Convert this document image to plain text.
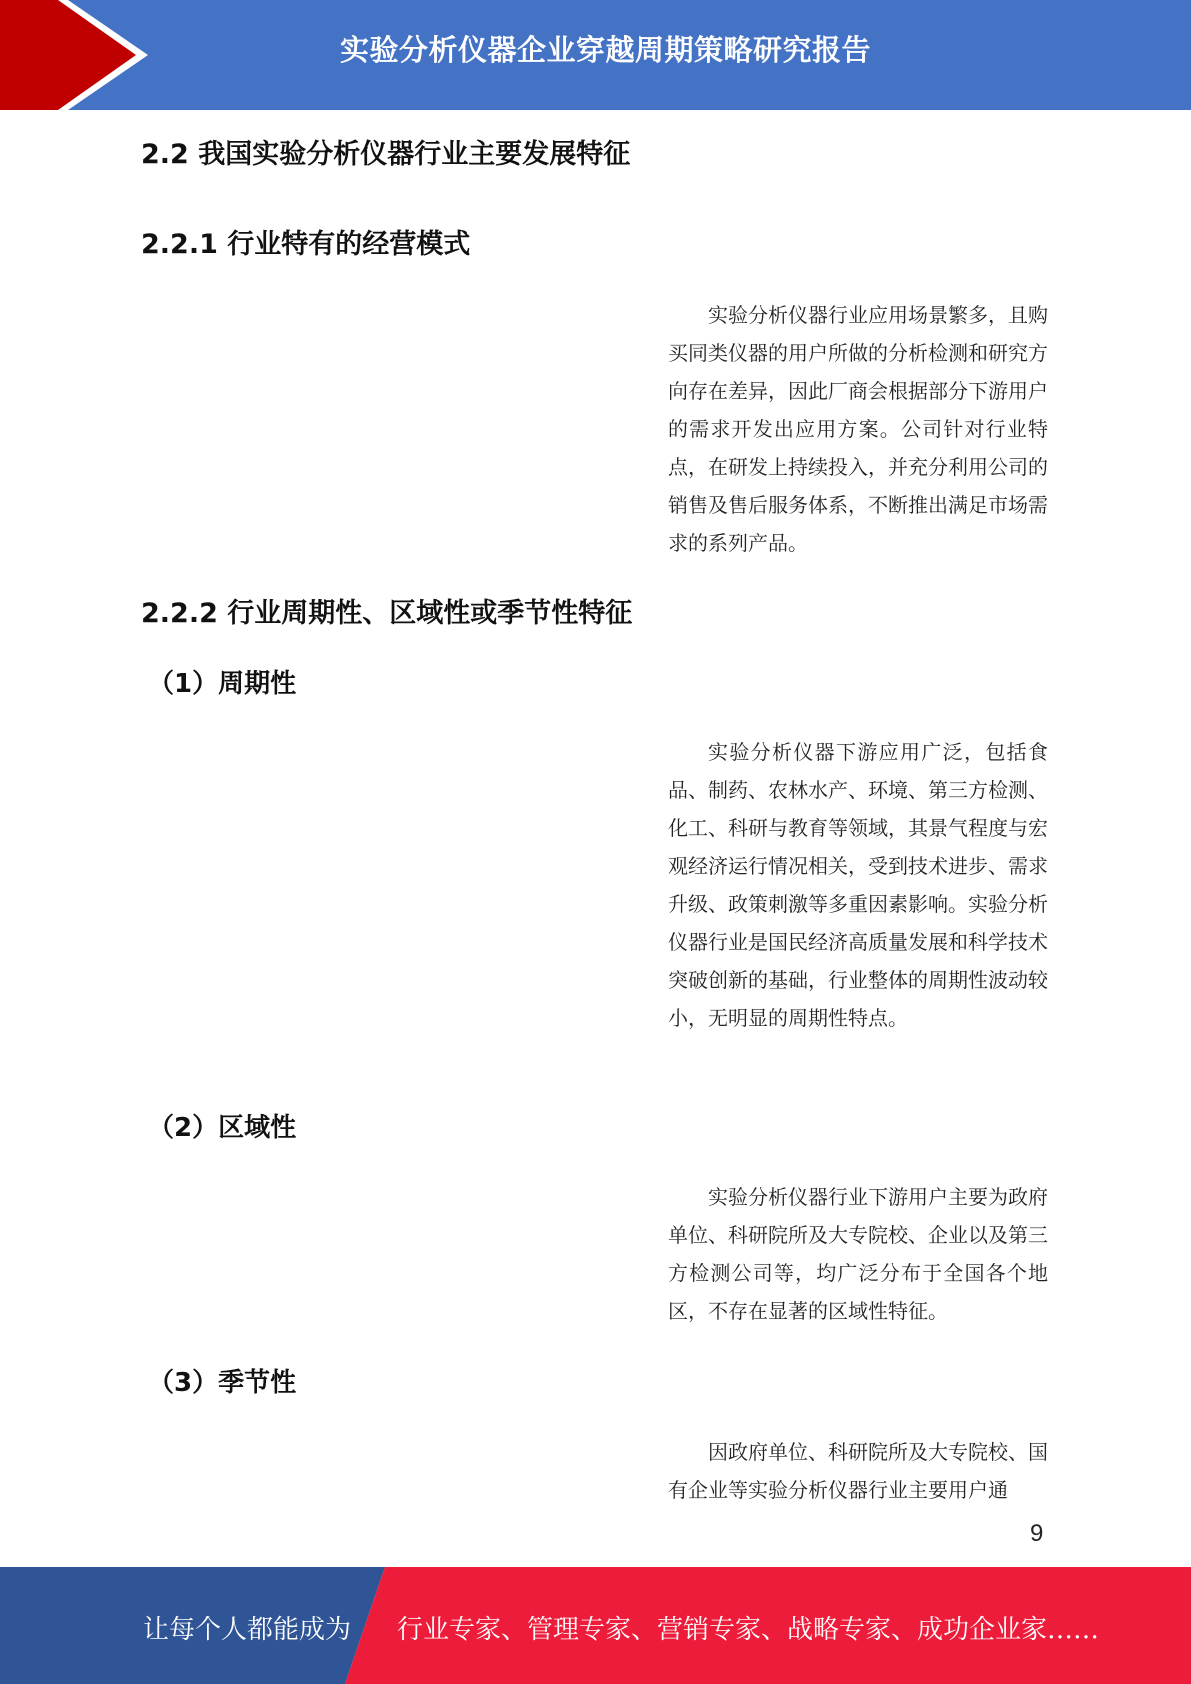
实验分析仪器企业穿越周期策略研究报告
2.2 我国实验分析仪器行业主要发展特征
2.2.1 行业特有的经营模式

实验分析仪器行业应用场景繁多，且购买同类仪器的用户所做的分析检测和研究方向存在差异，因此厂商会根据部分下游用户的需求开发出应用方案。公司针对行业特点，在研发上持续投入，并充分利用公司的销售及售后服务体系，不断推出满足市场需求的系列产品。

2.2.2 行业周期性、区域性或季节性特征
（1）周期性

实验分析仪器下游应用广泛，包括食品、制药、农林水产、环境、第三方检测、化工、科研与教育等领域，其景气程度与宏观经济运行情况相关，受到技术进步、需求升级、政策刺激等多重因素影响。实验分析仪器行业是国民经济高质量发展和科学技术突破创新的基础，行业整体的周期性波动较小，无明显的周期性特点。

（2）区域性

实验分析仪器行业下游用户主要为政府单位、科研院所及大专院校、企业以及第三方检测公司等，均广泛分布于全国各个地区，不存在显著的区域性特征。

（3）季节性

因政府单位、科研院所及大专院校、国有企业等实验分析仪器行业主要用户通

9
让每个人都能成为 行业专家、管理专家、营销专家、战略专家、成功企业家……
